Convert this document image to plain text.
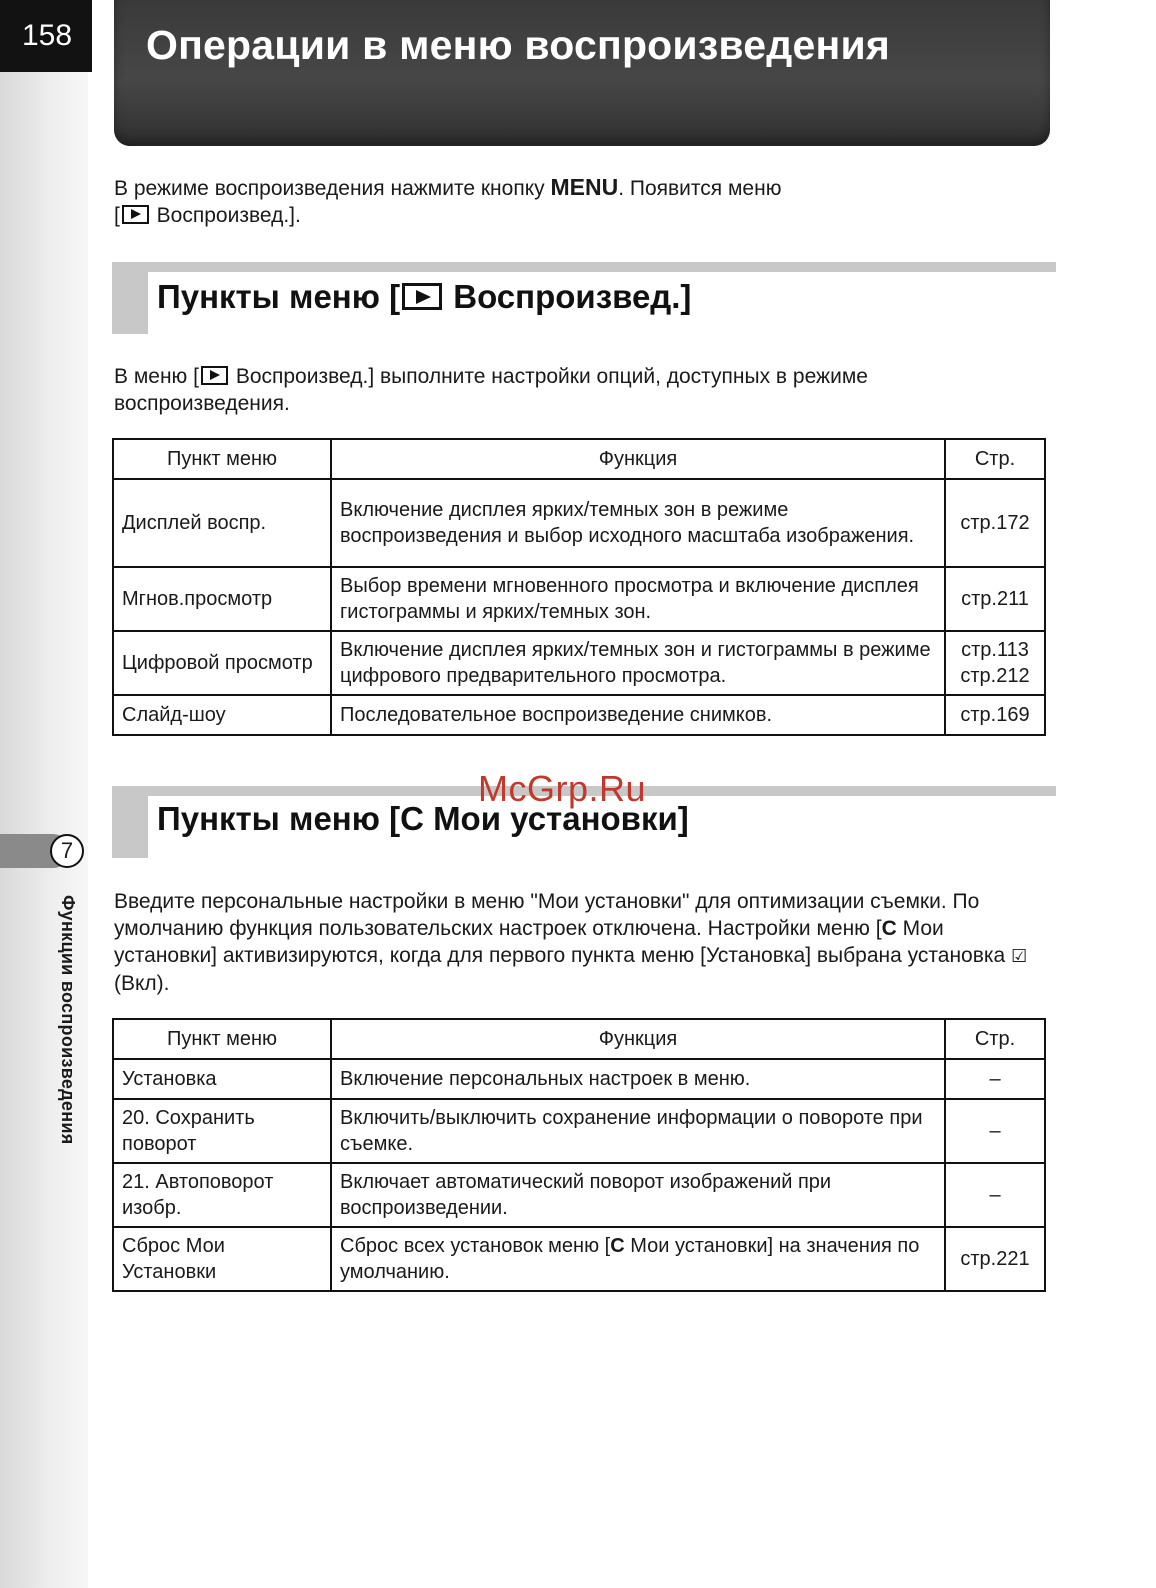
158	Операции в меню воспроизведения
В режиме воспроизведения нажмите кнопку MENU. Появится меню
[ Воспроизвед.].
Пункты меню [ Воспроизвед.]
В меню [ Воспроизвед.] выполните настройки опций, доступных в режиме воспроизведения.
Пункт меню	Функция	Стр.
Дисплей воспр.	Включение дисплея ярких/темных зон в режиме воспроизведения и выбор исходного масштаба изображения.	стр.172
Мгнов.просмотр	Выбор времени мгновенного просмотра и включение дисплея гистограммы и ярких/темных зон.	стр.211
Цифровой просмотр	Включение дисплея ярких/темных зон и гистограммы в режиме цифрового предварительного просмотра.	стр.113 стр.212
Слайд-шоу	Последовательное воспроизведение снимков.	стр.169
Пункты меню [C Мои установки]
McGrp.Ru
Введите персональные настройки в меню "Мои установки" для оптимизации съемки. По умолчанию функция пользовательских настроек отключена. Настройки меню [C Мои установки] активизируются, когда для первого пункта меню [Установка] выбрана установка ☑ (Вкл).
Пункт меню	Функция	Стр.
Установка	Включение персональных настроек в меню.	–
20. Сохранить поворот	Включить/выключить сохранение информации о повороте при съемке.	–
21. Автоповорот изобр.	Включает автоматический поворот изображений при воспроизведении.	–
Сброс Мои Установки	Сброс всех установок меню [C Мои установки] на значения по умолчанию.	стр.221
7
Функции воспроизведения
